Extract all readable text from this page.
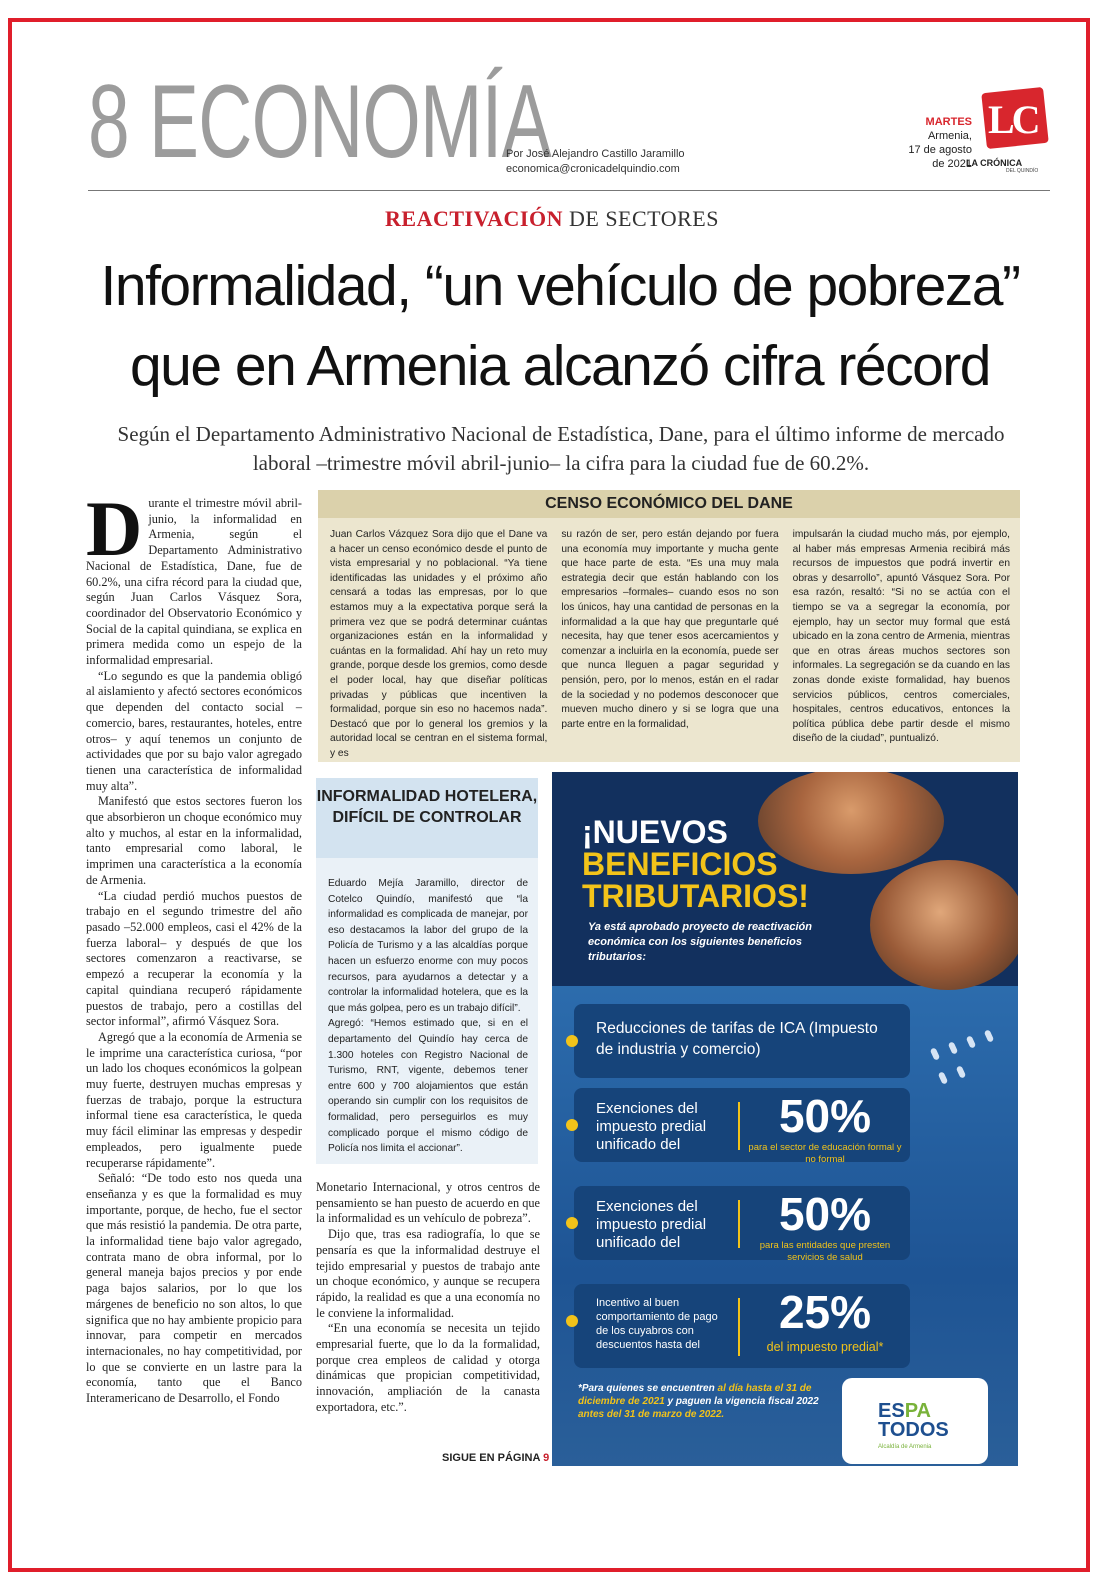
8 ECONOMÍA
Por José Alejandro Castillo Jaramillo
economica@cronicadelquindio.com
MARTES
Armenia,
17 de agosto
de 2021
LC
LA CRÓNICA
DEL QUINDÍO
REACTIVACIÓN DE SECTORES
Informalidad, “un vehículo de pobreza”
que en Armenia alcanzó cifra récord
Según el Departamento Administrativo Nacional de Estadística, Dane, para el último informe de mercado laboral –trimestre móvil abril-junio– la cifra para la ciudad fue de 60.2%.

Durante el trimestre móvil abril-junio, la informalidad en Armenia, según el Departamento Administrativo Nacional de Estadística, Dane, fue de 60.2%, una cifra récord para la ciudad que, según Juan Carlos Vásquez Sora, coordinador del Observatorio Económico y Social de la capital quindiana, se explica en primera medida como un espejo de la informalidad empresarial.

“Lo segundo es que la pandemia obligó al aislamiento y afectó sectores económicos que dependen del contacto social –comercio, bares, restaurantes, hoteles, entre otros– y aquí tenemos un conjunto de actividades que por su bajo valor agregado tienen una característica de informalidad muy alta”.

Manifestó que estos sectores fueron los que absorbieron un choque económico muy alto y muchos, al estar en la informalidad, tanto empresarial como laboral, le imprimen una característica a la economía de Armenia.

“La ciudad perdió muchos puestos de trabajo en el segundo trimestre del año pasado –52.000 empleos, casi el 42% de la fuerza laboral– y después de que los sectores comenzaron a reactivarse, se empezó a recuperar la economía y la capital quindiana recuperó rápidamente puestos de trabajo, pero a costillas del sector informal”, afirmó Vásquez Sora.

Agregó que a la economía de Armenia se le imprime una característica curiosa, “por un lado los choques económicos la golpean muy fuerte, destruyen muchas empresas y fuerzas de trabajo, porque la estructura informal tiene esa característica, le queda muy fácil eliminar las empresas y despedir empleados, pero igualmente puede recuperarse rápidamente”.

Señaló: “De todo esto nos queda una enseñanza y es que la formalidad es muy importante, porque, de hecho, fue el sector que más resistió la pandemia. De otra parte, la informalidad tiene bajo valor agregado, contrata mano de obra informal, por lo general maneja bajos precios y por ende paga bajos salarios, por lo que los márgenes de beneficio no son altos, lo que significa que no hay ambiente propicio para innovar, para competir en mercados internacionales, no hay competitividad, por lo que se convierte en un lastre para la economía, tanto que el Banco Interamericano de Desarrollo, el Fondo

CENSO ECONÓMICO DEL DANE
Juan Carlos Vázquez Sora dijo que el Dane va a hacer un censo económico desde el punto de vista empresarial y no poblacional. “Ya tiene identificadas las unidades y el próximo año censará a todas las empresas, por lo que estamos muy a la expectativa porque será la primera vez que se podrá determinar cuántas organizaciones están en la informalidad y cuántas en la formalidad. Ahí hay un reto muy grande, porque desde los gremios, como desde el poder local, hay que diseñar políticas privadas y públicas que incentiven la formalidad, porque sin eso no hacemos nada”. Destacó que por lo general los gremios y la autoridad local se centran en el sistema formal, y es
su razón de ser, pero están dejando por fuera una economía muy importante y mucha gente que hace parte de esta. “Es una muy mala estrategia decir que están hablando con los empresarios –formales– cuando esos no son los únicos, hay una cantidad de personas en la informalidad a la que hay que preguntarle qué necesita, hay que tener esos acercamientos y comenzar a incluirla en la economía, puede ser que nunca lleguen a pagar seguridad y pensión, pero, por lo menos, están en el radar de la sociedad y no podemos desconocer que mueven mucho dinero y si se logra que una parte entre en la formalidad,
impulsarán la ciudad mucho más, por ejemplo, al haber más empresas Armenia recibirá más recursos de impuestos que podrá invertir en obras y desarrollo”, apuntó Vásquez Sora. Por esa razón, resaltó: “Si no se actúa con el tiempo se va a segregar la economía, por ejemplo, hay un sector muy formal que está ubicado en la zona centro de Armenia, mientras que en otras áreas muchos sectores son informales. La segregación se da cuando en las zonas donde existe formalidad, hay buenos servicios públicos, centros comerciales, hospitales, centros educativos, entonces la política pública debe partir desde el mismo diseño de la ciudad”, puntualizó.
INFORMALIDAD HOTELERA, DIFÍCIL DE CONTROLAR
Eduardo Mejía Jaramillo, director de Cotelco Quindío, manifestó que “la informalidad es complicada de manejar, por eso destacamos la labor del grupo de la Policía de Turismo y a las alcaldías porque hacen un esfuerzo enorme con muy pocos recursos, para ayudarnos a detectar y a controlar la informalidad hotelera, que es la que más golpea, pero es un trabajo difícil”.
Agregó: “Hemos estimado que, si en el departamento del Quindío hay cerca de 1.300 hoteles con Registro Nacional de Turismo, RNT, vigente, debemos tener entre 600 y 700 alojamientos que están operando sin cumplir con los requisitos de formalidad, pero perseguirlos es muy complicado porque el mismo código de Policía nos limita el accionar”.

Monetario Internacional, y otros centros de pensamiento se han puesto de acuerdo en que la informalidad es un vehículo de pobreza”.

Dijo que, tras esa radiografía, lo que se pensaría es que la informalidad destruye el tejido empresarial y puestos de trabajo ante un choque económico, y aunque se recupera rápido, la realidad es que a una economía no le conviene la informalidad.

“En una economía se necesita un tejido empresarial fuerte, que lo da la formalidad, porque crea empleos de calidad y otorga dinámicas que propician competitividad, innovación, ampliación de la canasta exportadora, etc.”.

SIGUE EN PÁGINA 9
¡NUEVOS
BENEFICIOS
TRIBUTARIOS!
Ya está aprobado proyecto de reactivación económica con los siguientes beneficios tributarios:
Reducciones de tarifas de ICA (Impuesto de industria y comercio)
Exenciones del impuesto predial unificado del
50%
para el sector de educación formal y no formal
Exenciones del impuesto predial unificado del
50%
para las entidades que presten servicios de salud
Incentivo al buen comportamiento de pago de los cuyabros con descuentos hasta del
25%
del impuesto predial*
*Para quienes se encuentren al día hasta el 31 de diciembre de 2021 y paguen la vigencia fiscal 2022 antes del 31 de marzo de 2022.	ESPA
TODOS
Alcaldía de Armenia
